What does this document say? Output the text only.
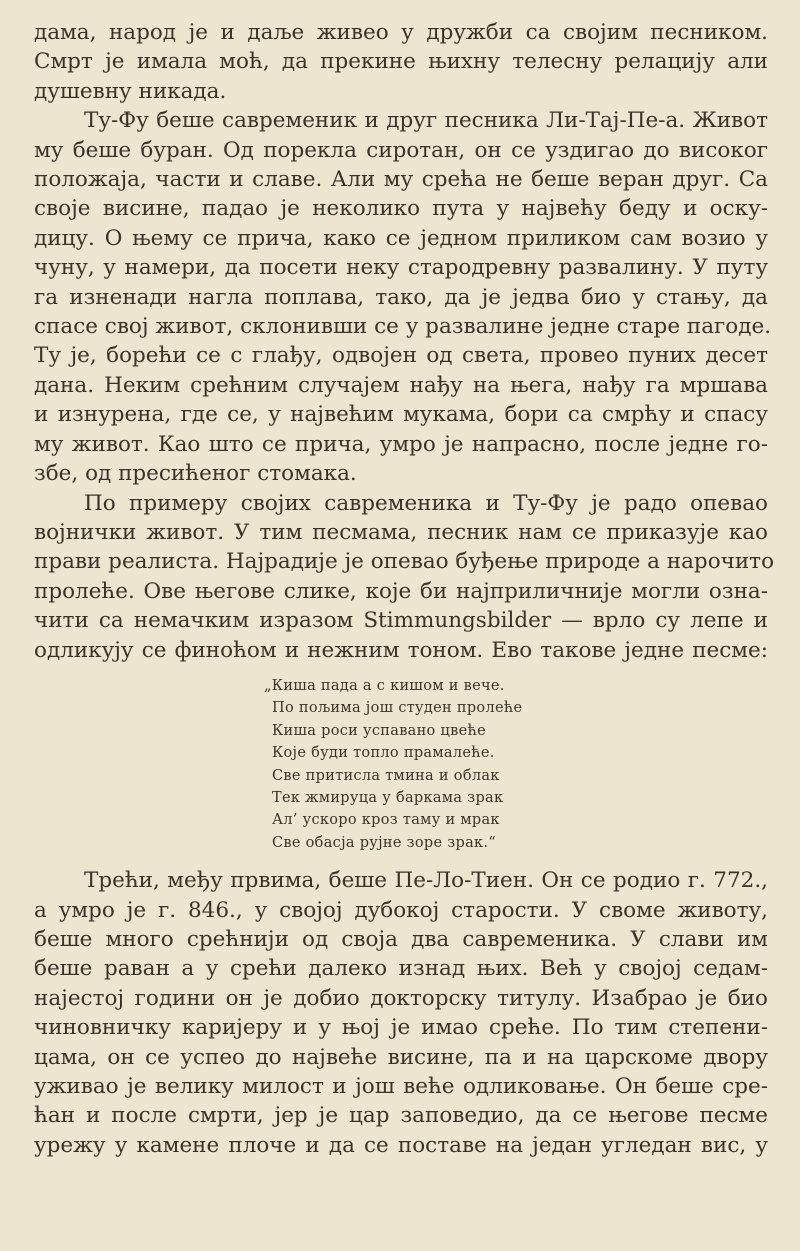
дама, народ је и даље живео у дружби са својим песником.
Смрт је имала моћ, да прекине њихну телесну релацију али
душевну никада.
Ту-Фу беше савременик и друг песника Ли-Тај-Пе-а. Живот
му беше буран. Од порекла сиротан, он се уздигао до високог
положаја, части и славе. Али му срећа не беше веран друг. Са
своје висине, падао је неколико пута у највећу беду и оску-
дицу. О њему се прича, како се једном приликом сам возио у
чуну, у намери, да посети неку стародревну развалину. У путу
га изненади нагла поплава, тако, да је једва био у стању, да
спасе свој живот, склонивши се у развалине једне старе пагоде.
Ту је, борећи се с глађу, одвојен од света, провео пуних десет
дана. Неким срећним случајем нађу на њега, нађу га мршава
и изнурена, где се, у највећим мукама, бори са смрћу и спасу
му живот. Као што се прича, умро је напрасно, после једне го-
збе, од пресићеног стомака.
По примеру својих савременика и Ту-Фу је радо опевао
војнички живот. У тим песмама, песник нам се приказује као
прави реалиста. Најрадије је опевао буђење природе а нарочито
пролеће. Ове његове слике, које би најприличније могли озна-
чити са немачким изразом Stimmungsbilder — врло су лепе и
одликују се финоћом и нежним тоном. Ево такове једне песме:
„Киша пада а с кишом и вече.
По пољима још студен пролеће
Киша роси успавано цвеће
Које буди топло прамалеће.
Све притисла тмина и облак
Тек жмируца у баркама зрак
Ал’ ускоро кроз таму и мрак
Све обасја рујне зоре зрак.“
Трећи, међу првима, беше Пе-Ло-Тиен. Он се родио г. 772.,
а умро је г. 846., у својој дубокој старости. У своме животу,
беше много срећнији од своја два савременика. У слави им
беше раван а у срећи далеко изнад њих. Већ у својој седам-
најестој години он је добио докторску титулу. Изабрао је био
чиновничку каријеру и у њој је имао среће. По тим степени-
цама, он се успео до највеће висине, па и на царскоме двору
уживао је велику милост и још веће одликовање. Он беше сре-
ћан и после смрти, јер је цар заповедио, да се његове песме
урежу у камене плоче и да се поставе на један угледан вис, у
